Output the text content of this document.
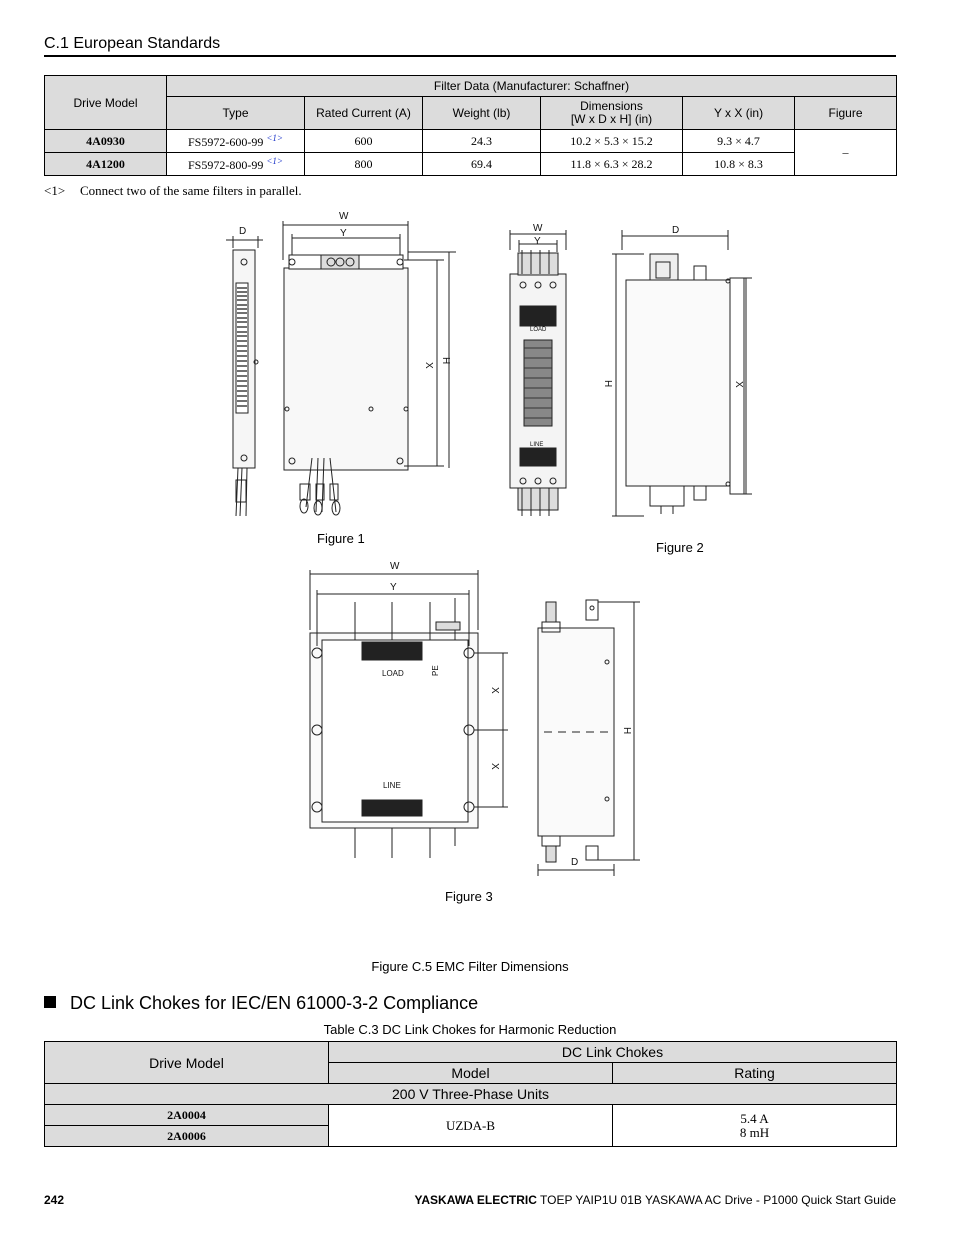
C.1 European Standards
Drive Model	Filter Data (Manufacturer: Schaffner)					
	Type	Rated Current (A)	Weight (lb)	Dimensions
[W x D x H] (in)	Y x X (in)	Figure
4A0930	FS5972-600-99 $^{<1>}$	600	24.3	10.2 × 5.3 × 15.2	9.3 × 4.7	–
4A1200	FS5972-800-99 $^{<1>}$	800	69.4	11.8 × 6.3 × 28.2	10.8 × 8.3	
<1> Connect two of the same filters in parallel.
D
W
Y
X
H
W
Y
D
H	X
W
Y
X
X
H
D
LOAD
LINE
PE
LOAD
LINE
Figure 1
Figure 2
Figure 3
Figure C.5 EMC Filter Dimensions
DC Link Chokes for IEC/EN 61000-3-2 Compliance
Table C.3 DC Link Chokes for Harmonic Reduction
Drive Model	DC Link Chokes	
	Model	Rating
200 V Three-Phase Units		
2A0004	UZDA-B	5.4 A
8 mH
2A0006		
242	YASKAWA ELECTRIC TOEP YAIP1U 01B YASKAWA AC Drive - P1000 Quick Start Guide
